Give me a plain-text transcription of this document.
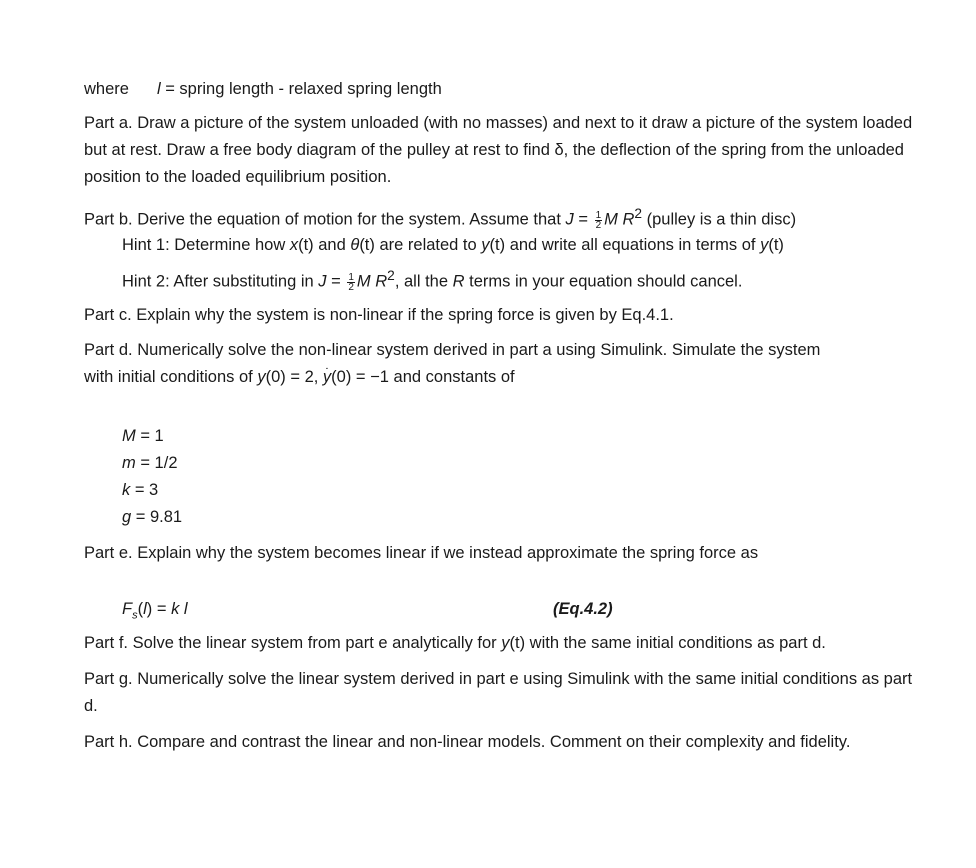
where l = spring length - relaxed spring length

Part a. Draw a picture of the system unloaded (with no masses) and next to it draw a picture of the system loaded but at rest. Draw a free body diagram of the pulley at rest to find δ, the deflection of the spring from the unloaded position to the loaded equilibrium position.

Part b. Derive the equation of motion for the system. Assume that $J = \frac{1}{2}$ M $R^2$ (pulley is a thin disc)

Hint 1: Determine how x(t) and θ(t) are related to y(t) and write all equations in terms of y(t)

Hint 2: After substituting in $J = \frac{1}{2}$ M $R^2$, all the R terms in your equation should cancel.

Part c. Explain why the system is non-linear if the spring force is given by Eq.4.1.

Part d. Numerically solve the non-linear system derived in part a using Simulink. Simulate the system

with initial conditions of y(0) = 2, ˙ y(0) = −1 and constants of

M = 1

m = 1/2

k = 3

g = 9.81

Part e. Explain why the system becomes linear if we instead approximate the spring force as

$F_s(l) = k$ l	(Eq.4.2)

Part f. Solve the linear system from part e analytically for y(t) with the same initial conditions as part d.

Part g. Numerically solve the linear system derived in part e using Simulink with the same initial conditions as part d.

Part h. Compare and contrast the linear and non-linear models. Comment on their complexity and fidelity.
